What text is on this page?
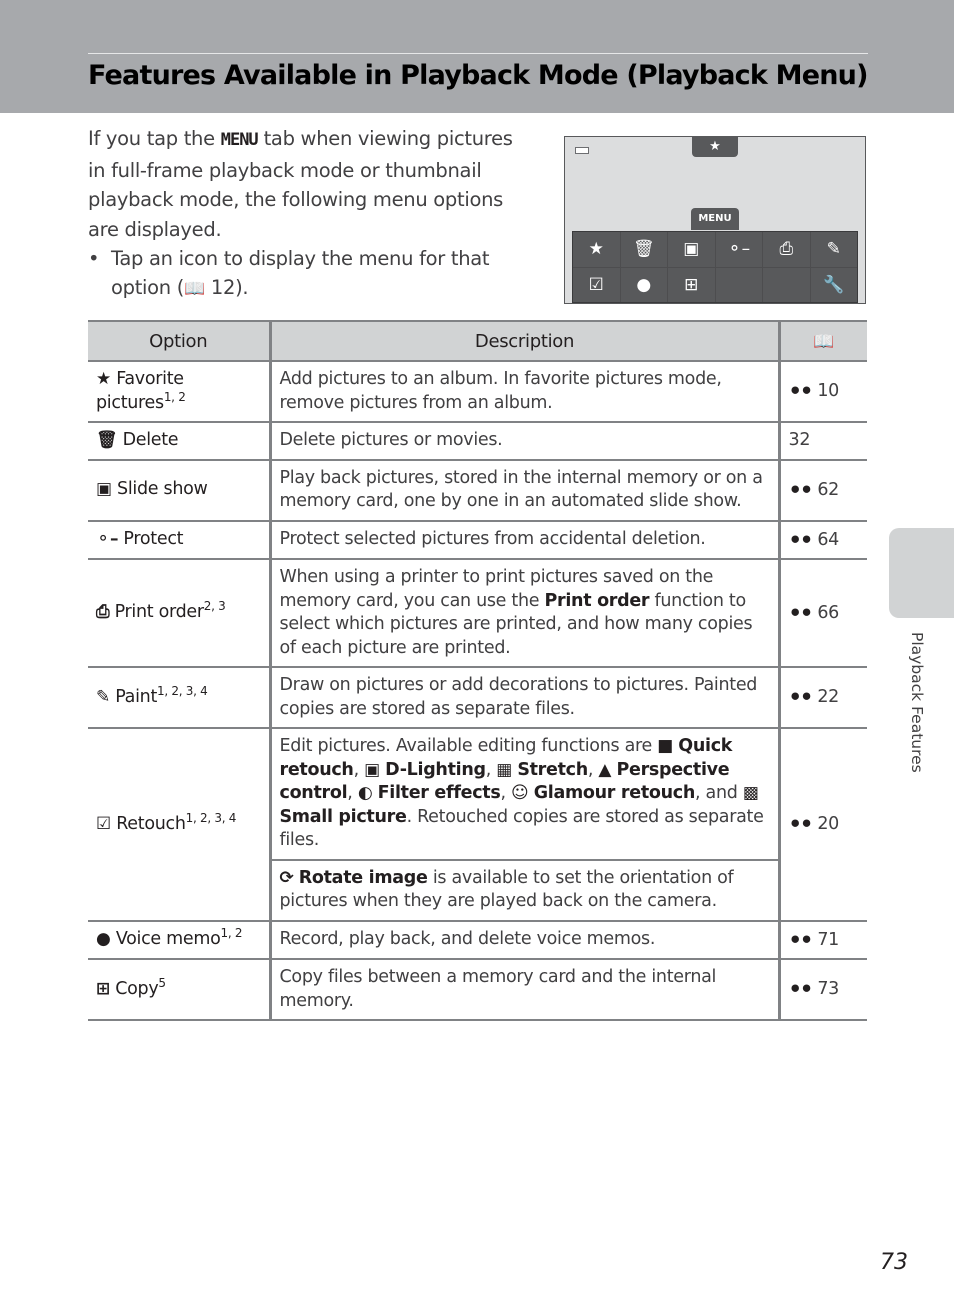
Features Available in Playback Mode (Playback Menu)
If you tap the MENU tab when viewing pictures in full-frame playback mode or thumbnail playback mode, the following menu options are displayed.
• Tap an icon to display the menu for that option (📖 12).
★
MENU
★	🗑	▣	⚬–	⎙	✎
☑	●	⊞	🔧
Option	Description	📖
★ Favorite pictures$^{1, 2}$	Add pictures to an album. In favorite pictures mode, remove pictures from an album.	⚫⚫ 10
🗑 Delete	Delete pictures or movies.	32
▣ Slide show	Play back pictures, stored in the internal memory or on a memory card, one by one in an automated slide show.	⚫⚫ 62
⚬– Protect	Protect selected pictures from accidental deletion.	⚫⚫ 64
⎙ Print order$^{2, 3}$	When using a printer to print pictures saved on the memory card, you can use the Print order function to select which pictures are printed, and how many copies of each picture are printed.	⚫⚫ 66
✎ Paint$^{1, 2, 3, 4}$	Draw on pictures or add decorations to pictures. Painted copies are stored as separate files.	⚫⚫ 22
☑ Retouch$^{1, 2, 3, 4}$	Edit pictures. Available editing functions are ■ Quick retouch, ▣ D-Lighting, ▦ Stretch, ▲ Perspective control, ◐ Filter effects, ☺ Glamour retouch, and ▩ Small picture. Retouched copies are stored as separate files.	⚫⚫ 20
	⟳ Rotate image is available to set the orientation of pictures when they are played back on the camera.	
● Voice memo$^{1, 2}$	Record, play back, and delete voice memos.	⚫⚫ 71
⊞ Copy$^5$	Copy files between a memory card and the internal memory.	⚫⚫ 73
Playback Features
73
